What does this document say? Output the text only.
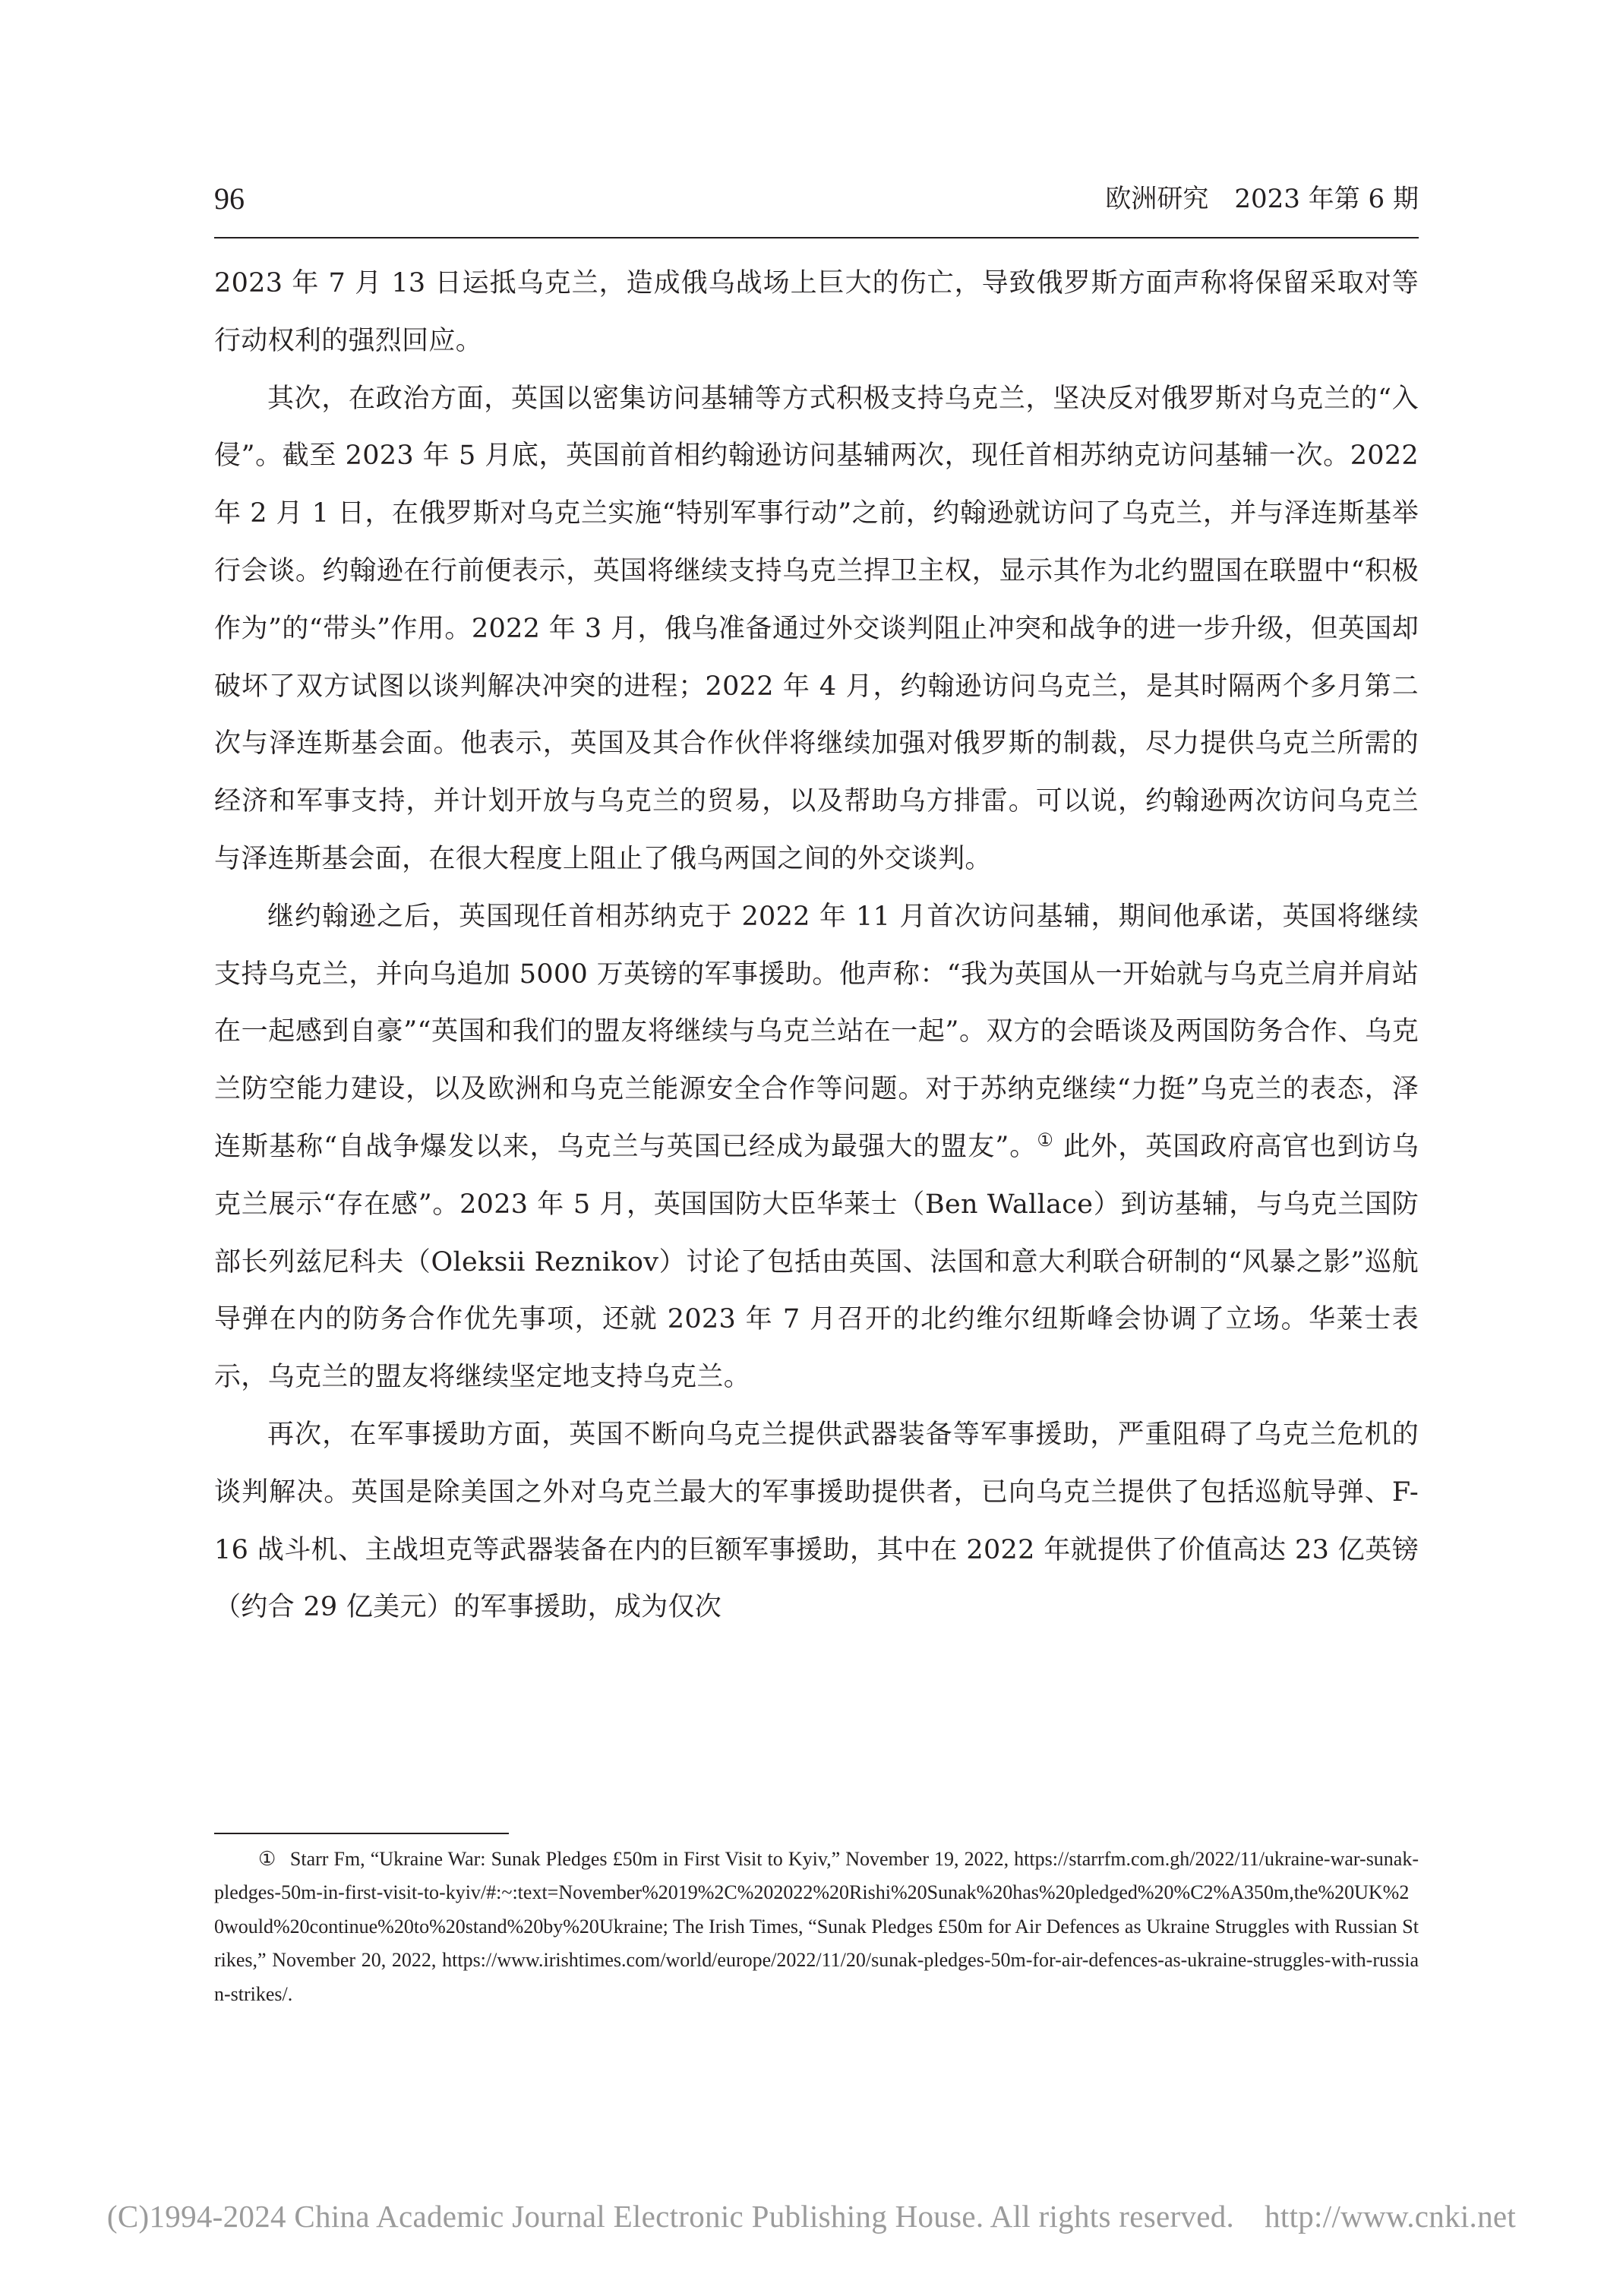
96	欧洲研究 2023 年第 6 期

2023 年 7 月 13 日运抵乌克兰，造成俄乌战场上巨大的伤亡，导致俄罗斯方面声称将保留采取对等行动权利的强烈回应。

其次，在政治方面，英国以密集访问基辅等方式积极支持乌克兰，坚决反对俄罗斯对乌克兰的“入侵”。截至 2023 年 5 月底，英国前首相约翰逊访问基辅两次，现任首相苏纳克访问基辅一次。2022 年 2 月 1 日，在俄罗斯对乌克兰实施“特别军事行动”之前，约翰逊就访问了乌克兰，并与泽连斯基举行会谈。约翰逊在行前便表示，英国将继续支持乌克兰捍卫主权，显示其作为北约盟国在联盟中“积极作为”的“带头”作用。2022 年 3 月，俄乌准备通过外交谈判阻止冲突和战争的进一步升级，但英国却破坏了双方试图以谈判解决冲突的进程；2022 年 4 月，约翰逊访问乌克兰，是其时隔两个多月第二次与泽连斯基会面。他表示，英国及其合作伙伴将继续加强对俄罗斯的制裁，尽力提供乌克兰所需的经济和军事支持，并计划开放与乌克兰的贸易，以及帮助乌方排雷。可以说，约翰逊两次访问乌克兰与泽连斯基会面，在很大程度上阻止了俄乌两国之间的外交谈判。

继约翰逊之后，英国现任首相苏纳克于 2022 年 11 月首次访问基辅，期间他承诺，英国将继续支持乌克兰，并向乌追加 5000 万英镑的军事援助。他声称：“我为英国从一开始就与乌克兰肩并肩站在一起感到自豪”“英国和我们的盟友将继续与乌克兰站在一起”。双方的会晤谈及两国防务合作、乌克兰防空能力建设，以及欧洲和乌克兰能源安全合作等问题。对于苏纳克继续“力挺”乌克兰的表态，泽连斯基称“自战争爆发以来，乌克兰与英国已经成为最强大的盟友”。① 此外，英国政府高官也到访乌克兰展示“存在感”。2023 年 5 月，英国国防大臣华莱士（Ben Wallace）到访基辅，与乌克兰国防部长列兹尼科夫（Oleksii Reznikov）讨论了包括由英国、法国和意大利联合研制的“风暴之影”巡航导弹在内的防务合作优先事项，还就 2023 年 7 月召开的北约维尔纽斯峰会协调了立场。华莱士表示，乌克兰的盟友将继续坚定地支持乌克兰。

再次，在军事援助方面，英国不断向乌克兰提供武器装备等军事援助，严重阻碍了乌克兰危机的谈判解决。英国是除美国之外对乌克兰最大的军事援助提供者，已向乌克兰提供了包括巡航导弹、F-16 战斗机、主战坦克等武器装备在内的巨额军事援助，其中在 2022 年就提供了价值高达 23 亿英镑（约合 29 亿美元）的军事援助，成为仅次

① Starr Fm, “Ukraine War: Sunak Pledges £50m in First Visit to Kyiv,” November 19, 2022, https://starrfm.com.gh/2022/11/ukraine-war-sunak-pledges-50m-in-first-visit-to-kyiv/#:~:text=November%2019%2C%202022%20Rishi%20Sunak%20has%20pledged%20%C2%A350m,the%20UK%20would%20continue%20to%20stand%20by%20Ukraine; The Irish Times, “Sunak Pledges £50m for Air Defences as Ukraine Struggles with Russian Strikes,” November 20, 2022, https://www.irishtimes.com/world/europe/2022/11/20/sunak-pledges-50m-for-air-defences-as-ukraine-struggles-with-russian-strikes/.

(C)1994-2024 China Academic Journal Electronic Publishing House. All rights reserved. http://www.cnki.net
